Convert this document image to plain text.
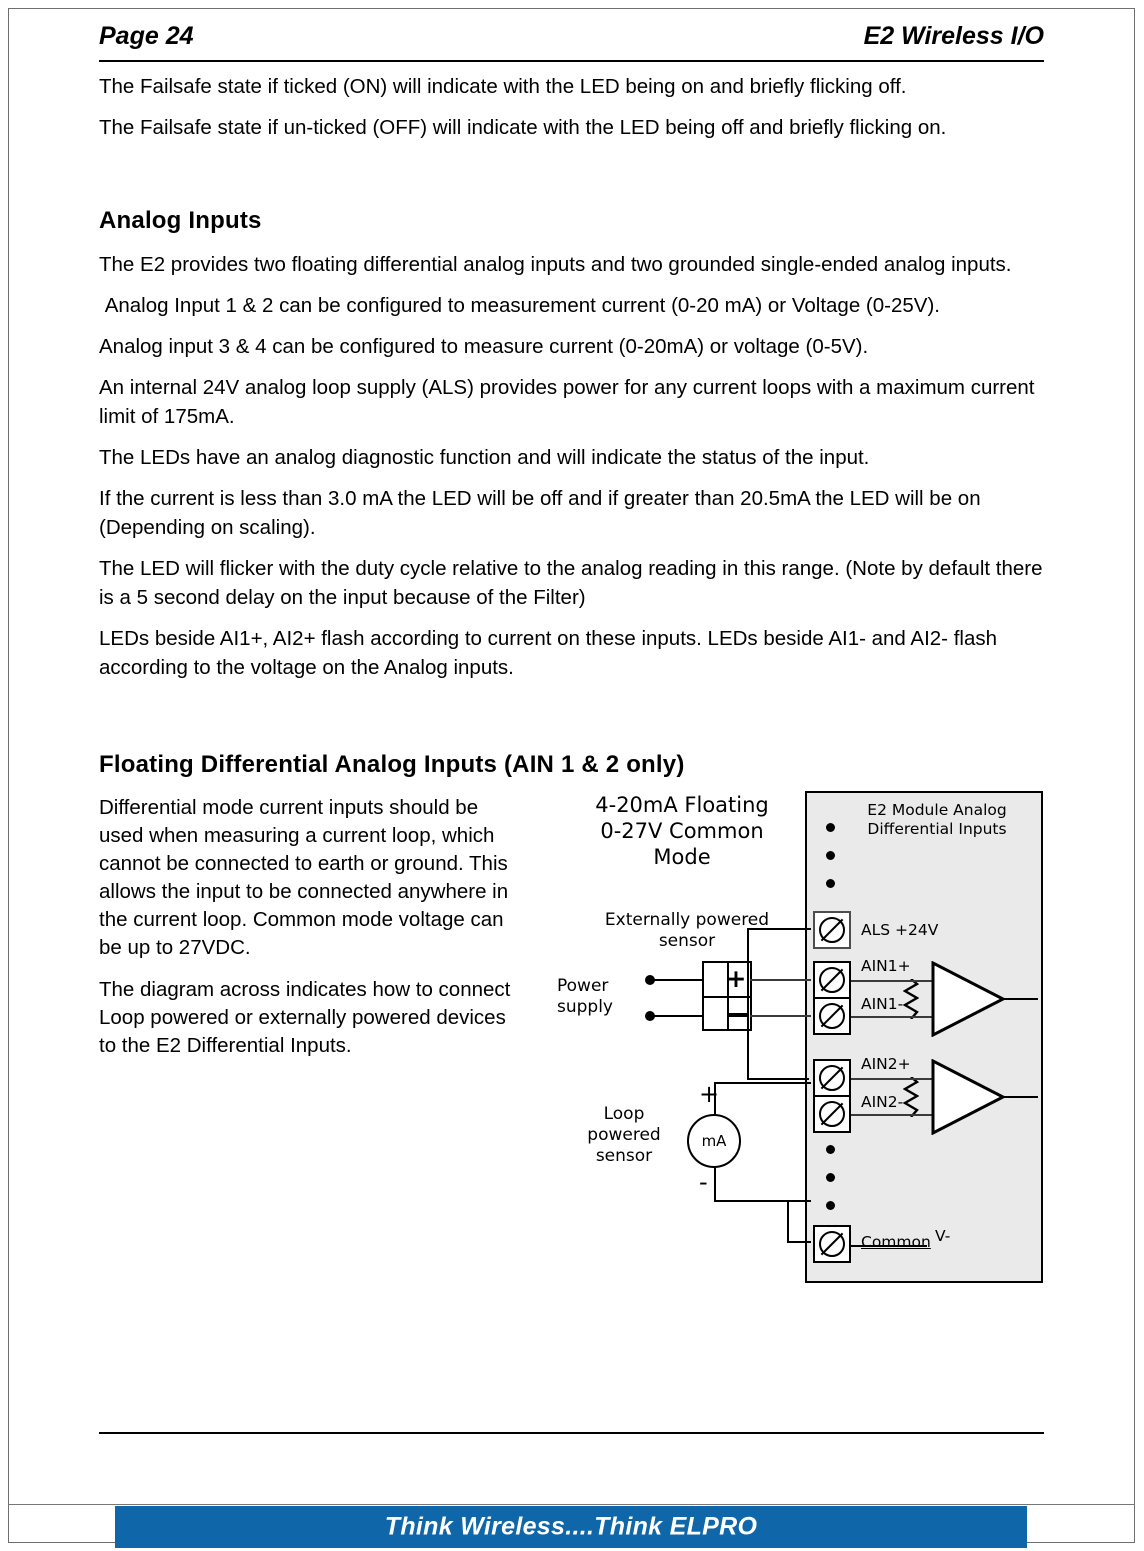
Page 24	E2 Wireless I/O

The Failsafe state if ticked (ON) will indicate with the LED being on and briefly flicking off.

The Failsafe state if un-ticked (OFF) will indicate with the LED being off and briefly flicking on.

Analog Inputs

The E2 provides two floating differential analog inputs and two grounded single-ended analog inputs.

Analog Input 1 & 2 can be configured to measurement current (0-20 mA) or Voltage (0-25V).

Analog input 3 & 4 can be configured to measure current (0-20mA) or voltage (0-5V).

An internal 24V analog loop supply (ALS) provides power for any current loops with a maximum current limit of 175mA.

The LEDs have an analog diagnostic function and will indicate the status of the input.

If the current is less than 3.0 mA the LED will be off and if greater than 20.5mA the LED will be on (Depending on scaling).

The LED will flicker with the duty cycle relative to the analog reading in this range. (Note by default there is a 5 second delay on the input because of the Filter)

LEDs beside AI1+, AI2+ flash according to current on these inputs. LEDs beside AI1- and AI2- flash according to the voltage on the Analog inputs.

Floating Differential Analog Inputs (AIN 1 & 2 only)

Differential mode current inputs should be used when measuring a current loop, which cannot be connected to earth or ground. This allows the input to be connected anywhere in the current loop. Common mode voltage can be up to 27VDC.

The diagram across indicates how to connect Loop powered or externally powered devices to the E2 Differential Inputs.

4-20mA Floating
0-27V Common
Mode
E2 Module Analog
Differential Inputs
ALS +24V
AIN1+
AIN1-
AIN2+
AIN2-
Common V-
Externally powered
sensor
Power
supply
+
Loop
powered
sensor
mA
+
-
Think Wireless....Think ELPRO
